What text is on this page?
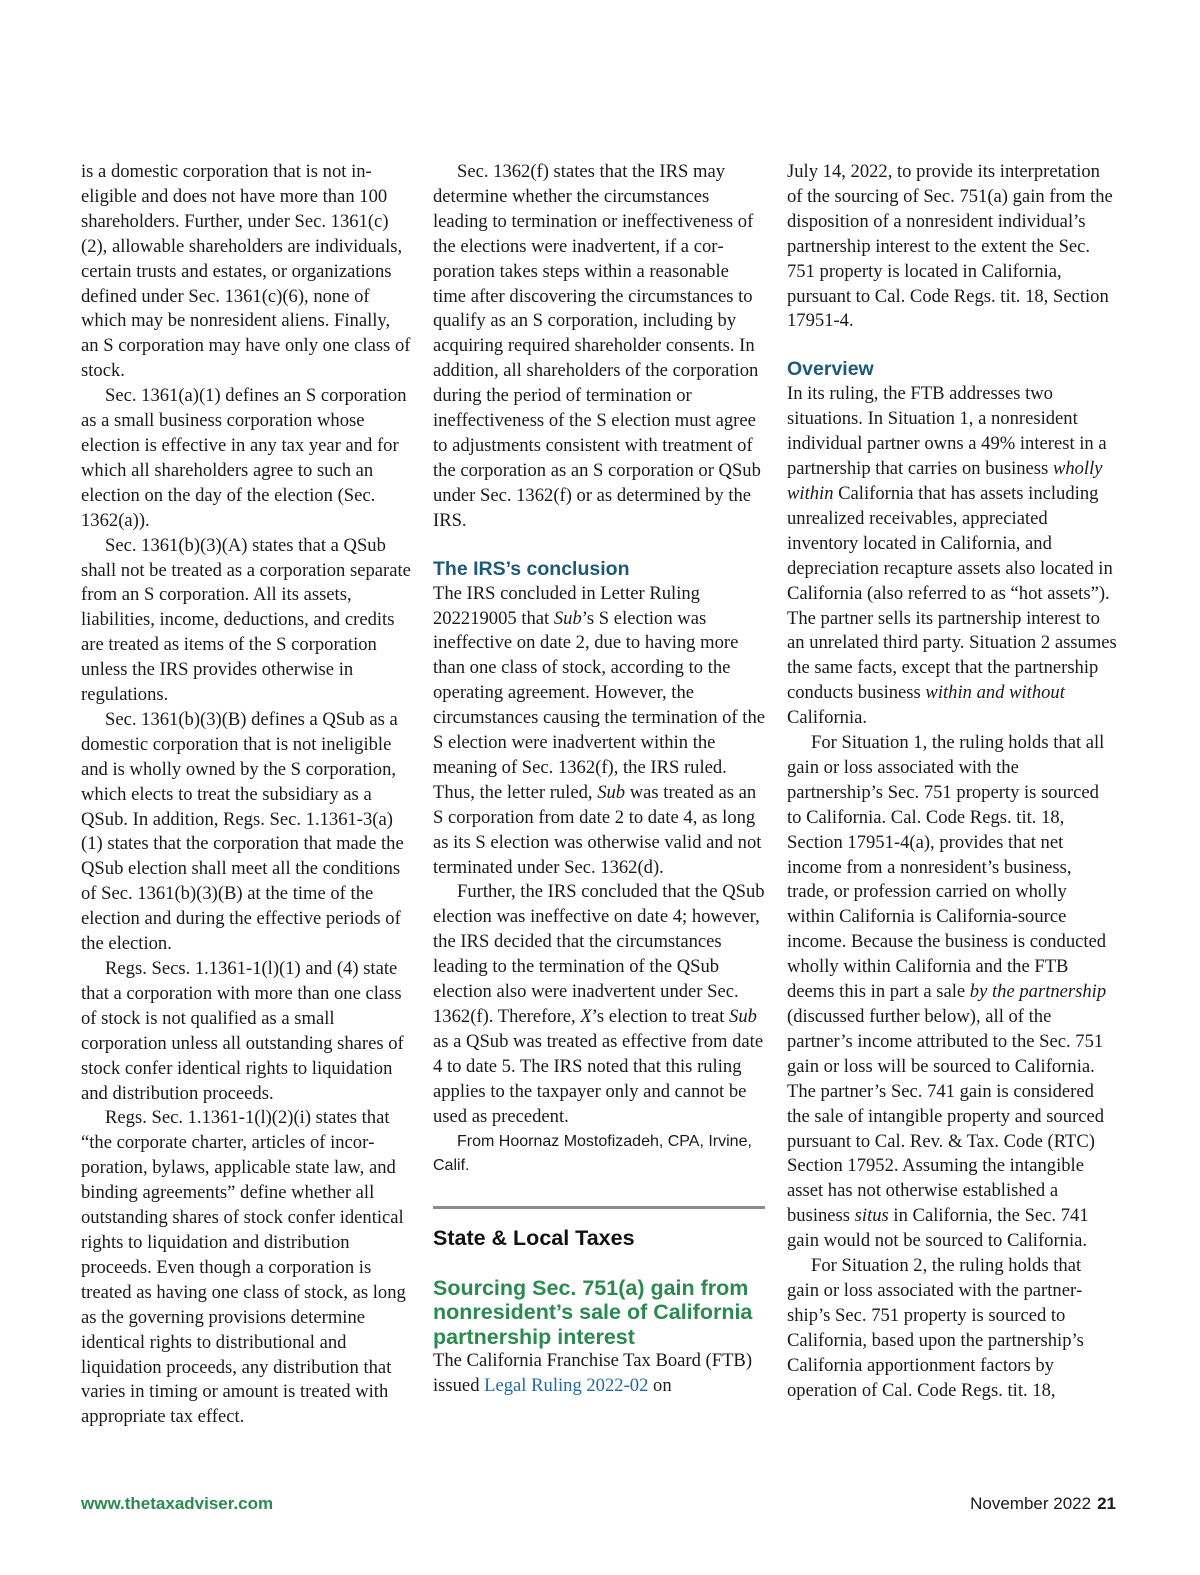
is a domestic corporation that is not ineligible and does not have more than 100 shareholders. Further, under Sec. 1361(c)(2), allowable shareholders are individuals, certain trusts and estates, or organizations defined under Sec. 1361(c)(6), none of which may be nonresident aliens. Finally, an S corporation may have only one class of stock.

Sec. 1361(a)(1) defines an S corporation as a small business corporation whose election is effective in any tax year and for which all shareholders agree to such an election on the day of the election (Sec. 1362(a)).

Sec. 1361(b)(3)(A) states that a QSub shall not be treated as a corporation separate from an S corporation. All its assets, liabilities, income, deductions, and credits are treated as items of the S corporation unless the IRS provides otherwise in regulations.

Sec. 1361(b)(3)(B) defines a QSub as a domestic corporation that is not ineligible and is wholly owned by the S corporation, which elects to treat the subsidiary as a QSub. In addition, Regs. Sec. 1.1361-3(a)(1) states that the corporation that made the QSub election shall meet all the conditions of Sec. 1361(b)(3)(B) at the time of the election and during the effective periods of the election.

Regs. Secs. 1.1361-1(l)(1) and (4) state that a corporation with more than one class of stock is not qualified as a small corporation unless all outstanding shares of stock confer identical rights to liquidation and distribution proceeds.

Regs. Sec. 1.1361-1(l)(2)(i) states that “the corporate charter, articles of incorporation, bylaws, applicable state law, and binding agreements” define whether all outstanding shares of stock confer identical rights to liquidation and distribution proceeds. Even though a corporation is treated as having one class of stock, as long as the governing provisions determine identical rights to distributional and liquidation proceeds, any distribution that varies in timing or amount is treated with appropriate tax effect.

Sec. 1362(f) states that the IRS may determine whether the circumstances leading to termination or ineffectiveness of the elections were inadvertent, if a corporation takes steps within a reasonable time after discovering the circumstances to qualify as an S corporation, including by acquiring required shareholder consents. In addition, all shareholders of the corporation during the period of termination or ineffectiveness of the S election must agree to adjustments consistent with treatment of the corporation as an S corporation or QSub under Sec. 1362(f) or as determined by the IRS.

The IRS’s conclusion

The IRS concluded in Letter Ruling 202219005 that Sub’s S election was ineffective on date 2, due to having more than one class of stock, according to the operating agreement. However, the circumstances causing the termination of the S election were inadvertent within the meaning of Sec. 1362(f), the IRS ruled. Thus, the letter ruled, Sub was treated as an S corporation from date 2 to date 4, as long as its S election was otherwise valid and not terminated under Sec. 1362(d).

Further, the IRS concluded that the QSub election was ineffective on date 4; however, the IRS decided that the circumstances leading to the termination of the QSub election also were inadvertent under Sec. 1362(f). Therefore, X’s election to treat Sub as a QSub was treated as effective from date 4 to date 5. The IRS noted that this ruling applies to the taxpayer only and cannot be used as precedent.

From Hoornaz Mostofizadeh, CPA, Irvine, Calif.

State & Local Taxes
Sourcing Sec. 751(a) gain from nonresident’s sale of California partnership interest

The California Franchise Tax Board (FTB) issued Legal Ruling 2022-02 on

July 14, 2022, to provide its interpretation of the sourcing of Sec. 751(a) gain from the disposition of a nonresident individual’s partnership interest to the extent the Sec. 751 property is located in California, pursuant to Cal. Code Regs. tit. 18, Section 17951-4.

Overview

In its ruling, the FTB addresses two situations. In Situation 1, a nonresident individual partner owns a 49% interest in a partnership that carries on business wholly within California that has assets including unrealized receivables, appreciated inventory located in California, and depreciation recapture assets also located in California (also referred to as “hot assets”). The partner sells its partnership interest to an unrelated third party. Situation 2 assumes the same facts, except that the partnership conducts business within and without California.

For Situation 1, the ruling holds that all gain or loss associated with the partnership’s Sec. 751 property is sourced to California. Cal. Code Regs. tit. 18, Section 17951-4(a), provides that net income from a nonresident’s business, trade, or profession carried on wholly within California is California-source income. Because the business is conducted wholly within California and the FTB deems this in part a sale by the partnership (discussed further below), all of the partner’s income attributed to the Sec. 751 gain or loss will be sourced to California. The partner’s Sec. 741 gain is considered the sale of intangible property and sourced pursuant to Cal. Rev. & Tax. Code (RTC) Section 17952. Assuming the intangible asset has not otherwise established a business situs in California, the Sec. 741 gain would not be sourced to California.

For Situation 2, the ruling holds that gain or loss associated with the partnership’s Sec. 751 property is sourced to California, based upon the partnership’s California apportionment factors by operation of Cal. Code Regs. tit. 18,

www.thetaxadviser.com	November 2022 21
